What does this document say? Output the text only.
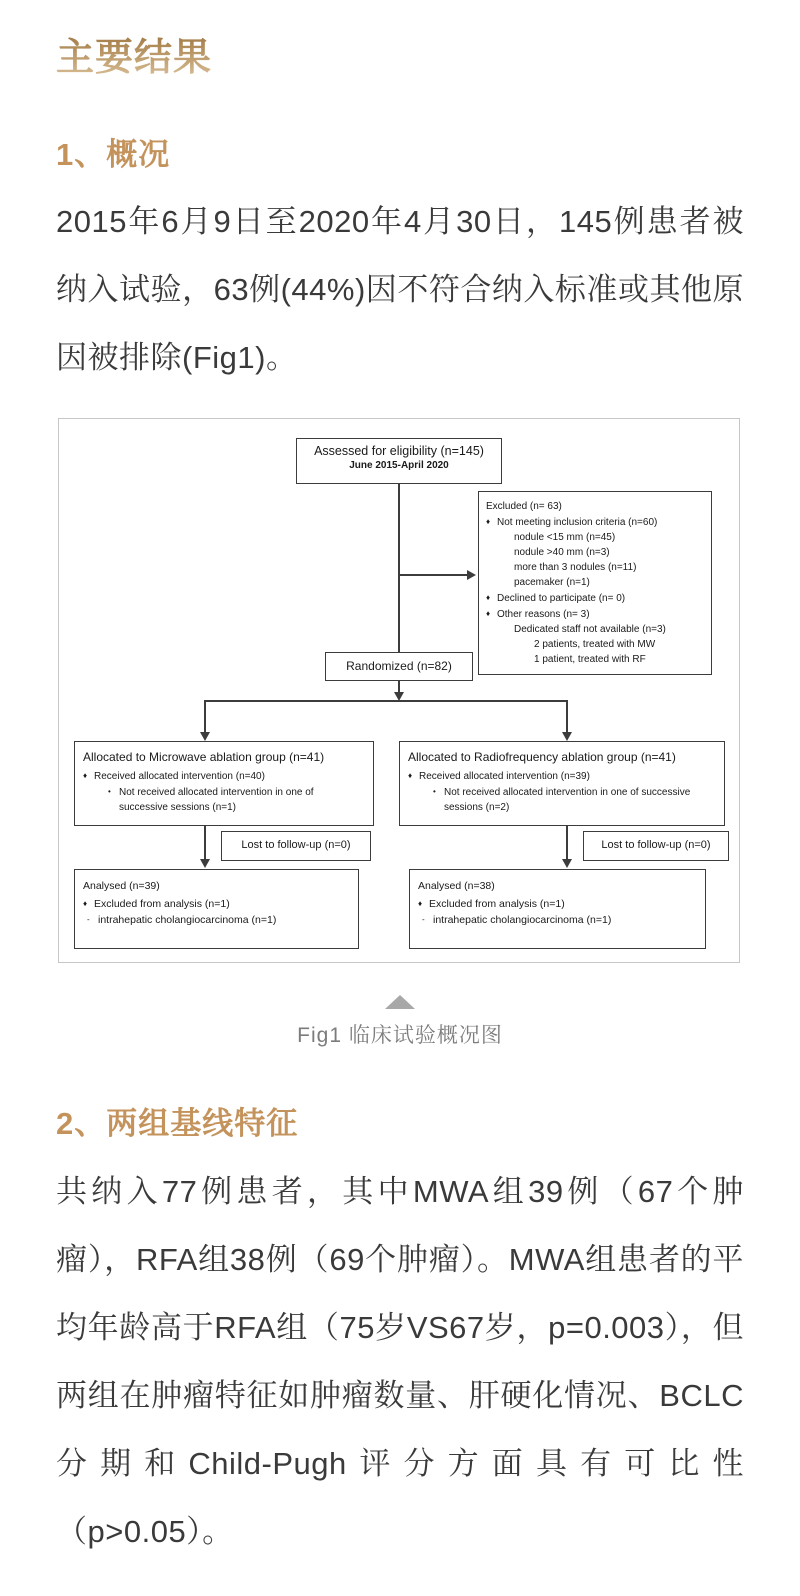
主要结果
1、概况

2015年6月9日至2020年4月30日，145例患者被纳入试验，63例(44%)因不符合纳入标准或其他原因被排除(Fig1)。

Assessed for eligibility (n=145)
June 2015-April 2020
Excluded (n= 63)
♦ Not meeting inclusion criteria (n=60)
nodule <15 mm (n=45)
nodule >40 mm (n=3)
more than 3 nodules (n=11)
pacemaker (n=1)
♦ Declined to participate (n= 0)
♦ Other reasons (n= 3)
Dedicated staff not available (n=3)
2 patients, treated with MW
1 patient, treated with RF
Randomized (n=82)
Allocated to Microwave ablation group (n=41)
♦ Received allocated intervention (n=40)
• Not received allocated intervention in one of successive sessions (n=1)
Allocated to Radiofrequency ablation group (n=41)
♦ Received allocated intervention (n=39)
• Not received allocated intervention in one of successive sessions (n=2)
Lost to follow-up (n=0)	Lost to follow-up (n=0)
Analysed (n=39)
♦ Excluded from analysis (n=1)
- intrahepatic cholangiocarcinoma (n=1)
Analysed (n=38)
♦ Excluded from analysis (n=1)
- intrahepatic cholangiocarcinoma (n=1)
Fig1 临床试验概况图
2、两组基线特征

共纳入77例患者，其中MWA组39例（67个肿瘤），RFA组38例（69个肿瘤）。MWA组患者的平均年龄高于RFA组（75岁VS67岁，p=0.003），但两组在肿瘤特征如肿瘤数量、肝硬化情况、BCLC分期和Child-Pugh评分方面具有可比性（p>0.05）。
